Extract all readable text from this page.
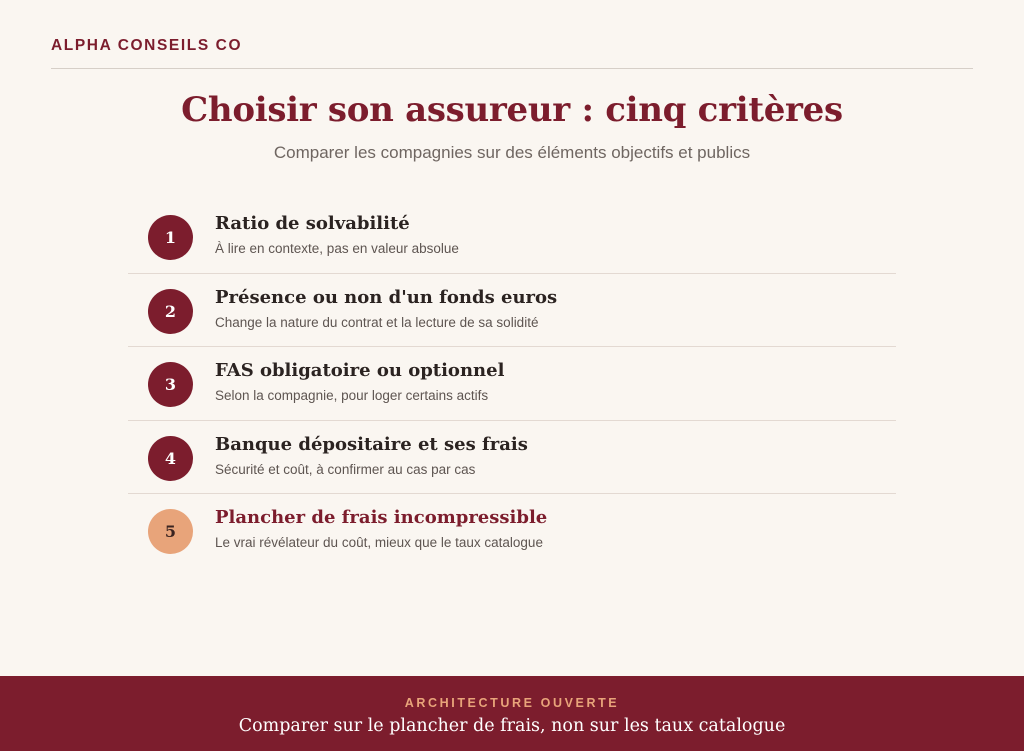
ALPHA CONSEILS CO
Choisir son assureur : cinq critères

Comparer les compagnies sur des éléments objectifs et publics

1
Ratio de solvabilité
À lire en contexte, pas en valeur absolue
2
Présence ou non d'un fonds euros
Change la nature du contrat et la lecture de sa solidité
3
FAS obligatoire ou optionnel
Selon la compagnie, pour loger certains actifs
4
Banque dépositaire et ses frais
Sécurité et coût, à confirmer au cas par cas
5
Plancher de frais incompressible
Le vrai révélateur du coût, mieux que le taux catalogue
ARCHITECTURE OUVERTE
Comparer sur le plancher de frais, non sur les taux catalogue
